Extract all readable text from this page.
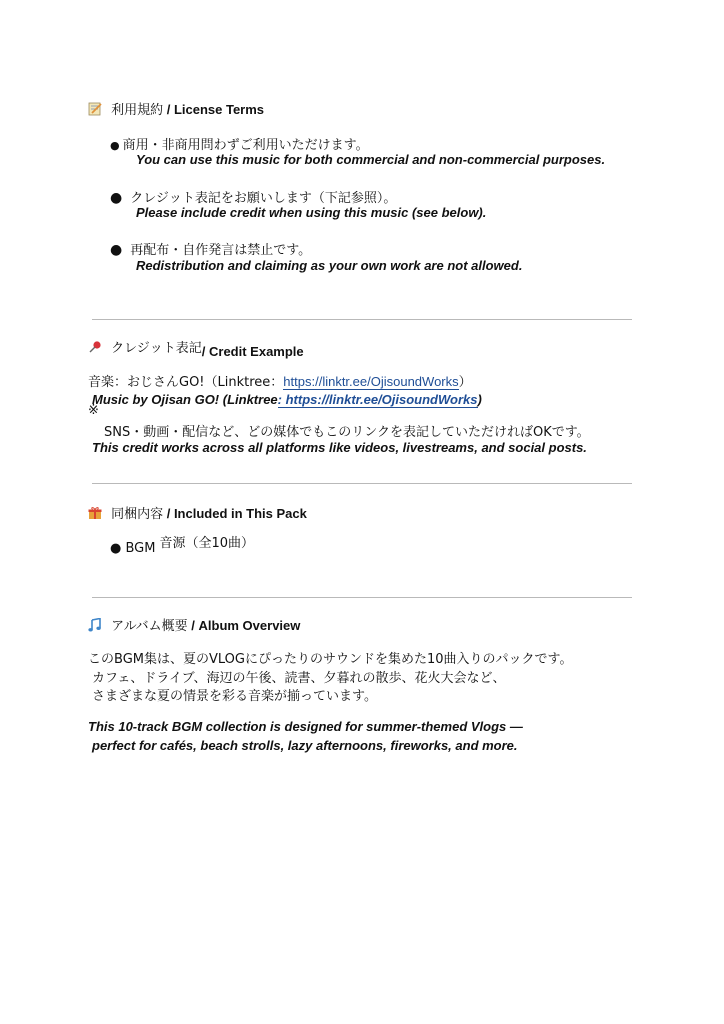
利用規約 / License Terms
● 商用・非商用問わずご利用いただけます。
You can use this music for both commercial and non-commercial purposes.
● クレジット表記をお願いします（下記参照）。
Please include credit when using this music (see below).
● 再配布・自作発言は禁止です。
Redistribution and claiming as your own work are not allowed.
クレジット表記$_{/ Credit Example}$
音楽：おじさんGO!（Linktree：https://linktr.ee/OjisoundWorks）
Music by Ojisan GO! (Linktree: https://linktr.ee/OjisoundWorks)
※
SNS・動画・配信など、どの媒体でもこのリンクを表記していただければOKです。
This credit works across all platforms like videos, livestreams, and social posts.
同梱内容 / Included in This Pack
$_{● BGM}$ 音源（全10曲）
アルバム概要 / Album Overview
このBGM集は、夏のVLOGにぴったりのサウンドを集めた10曲入りのパックです。
カフェ、ドライブ、海辺の午後、読書、夕暮れの散歩、花火大会など、
さまざまな夏の情景を彩る音楽が揃っています。
This 10-track BGM collection is designed for summer-themed Vlogs —
perfect for cafés, beach strolls, lazy afternoons, fireworks, and more.
